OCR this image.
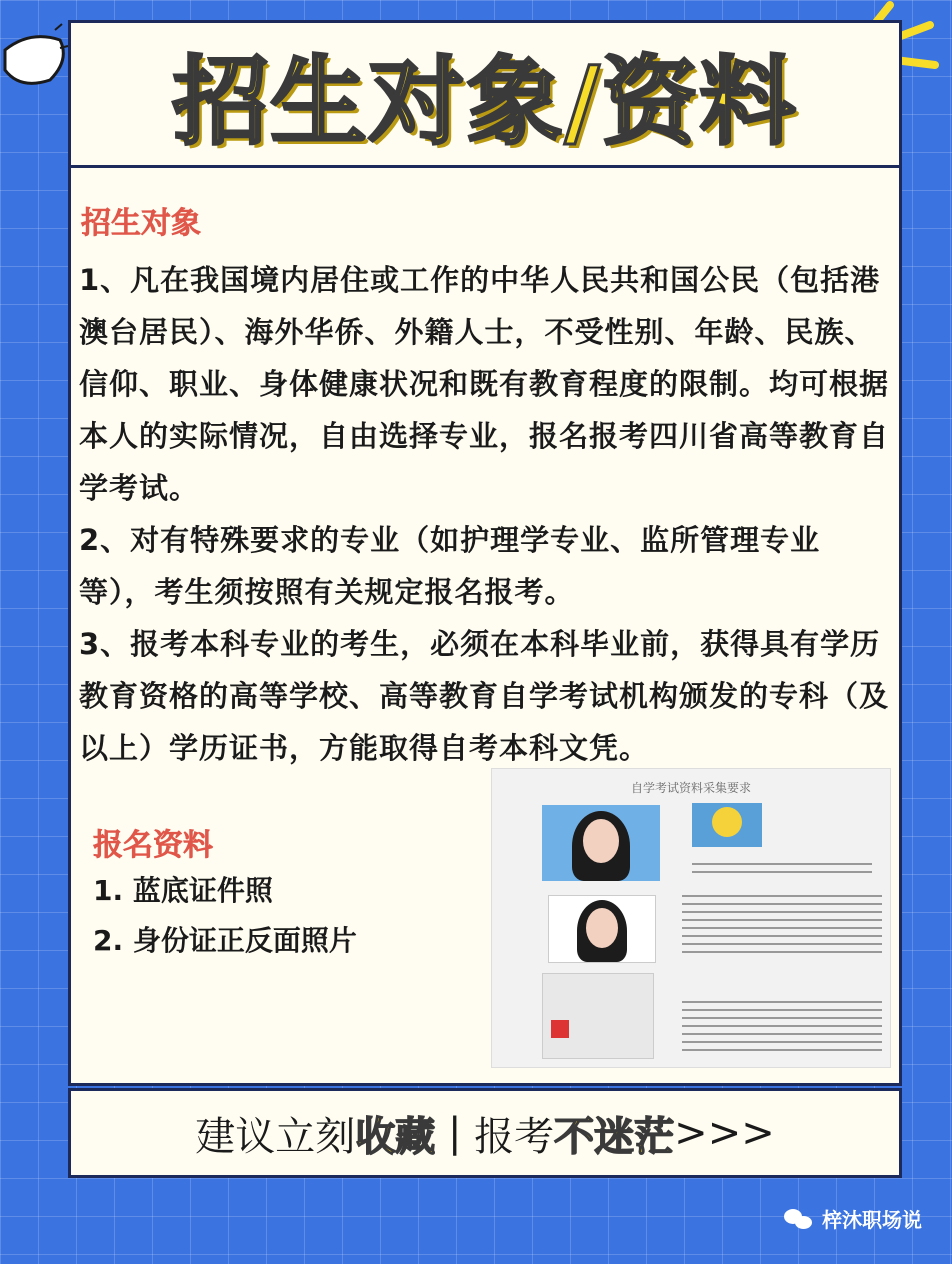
招生对象/资料
招生对象

1、凡在我国境内居住或工作的中华人民共和国公民（包括港澳台居民）、海外华侨、外籍人士，不受性别、年龄、民族、信仰、职业、身体健康状况和既有教育程度的限制。均可根据本人的实际情况，自由选择专业，报名报考四川省高等教育自学考试。

2、对有特殊要求的专业（如护理学专业、监所管理专业等），考生须按照有关规定报名报考。

3、报考本科专业的考生，必须在本科毕业前，获得具有学历教育资格的高等学校、高等教育自学考试机构颁发的专科（及以上）学历证书，方能取得自考本科文凭。

报名资料
1. 蓝底证件照
2. 身份证正反面照片
自学考试资料采集要求
建议立刻 收藏 | 报考 不迷茫 >>>
梓沐职场说
